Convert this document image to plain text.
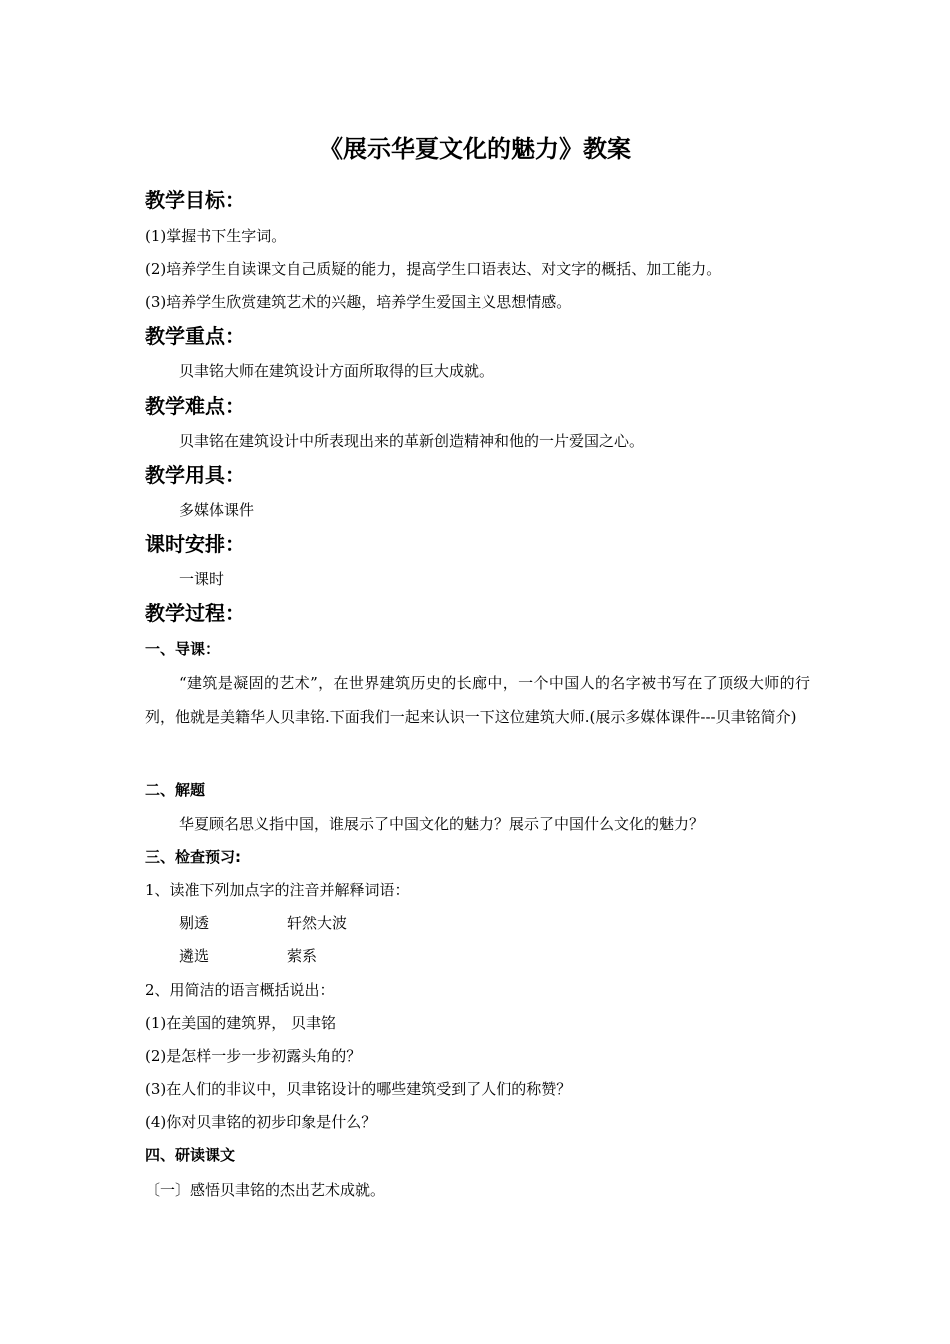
《展示华夏文化的魅力》教案
教学目标：
(1)掌握书下生字词。
(2)培养学生自读课文自己质疑的能力，提高学生口语表达、对文字的概括、加工能力。
(3)培养学生欣赏建筑艺术的兴趣，培养学生爱国主义思想情感。
教学重点：
贝聿铭大师在建筑设计方面所取得的巨大成就。
教学难点：
贝聿铭在建筑设计中所表现出来的革新创造精神和他的一片爱国之心。
教学用具：
多媒体课件
课时安排：
一课时
教学过程：
一、导课：
“建筑是凝固的艺术”，在世界建筑历史的长廊中，一个中国人的名字被书写在了顶级大师的行列，他就是美籍华人贝聿铭.下面我们一起来认识一下这位建筑大师.(展示多媒体课件---贝聿铭简介)
二、解题
华夏顾名思义指中国，谁展示了中国文化的魅力？展示了中国什么文化的魅力？
三、检查预习:
1、读准下列加点字的注音并解释词语：
剔透	轩然大波
遴选	萦系
2、用简洁的语言概括说出：
(1)在美国的建筑界， 贝聿铭
(2)是怎样一步一步初露头角的？
(3)在人们的非议中，贝聿铭设计的哪些建筑受到了人们的称赞？
(4)你对贝聿铭的初步印象是什么？
四、研读课文
〔一〕感悟贝聿铭的杰出艺术成就。
